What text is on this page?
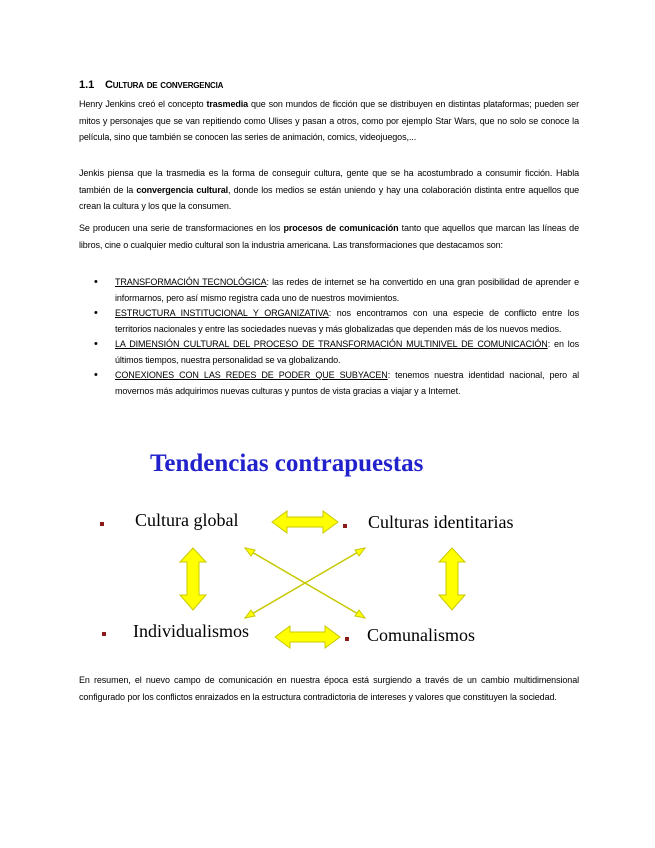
1.1 Cultura de convergencia

Henry Jenkins creó el concepto trasmedia que son mundos de ficción que se distribuyen en distintas plataformas; pueden ser mitos y personajes que se van repitiendo como Ulises y pasan a otros, como por ejemplo Star Wars, que no solo se conoce la película, sino que también se conocen las series de animación, comics, videojuegos,...

Jenkis piensa que la trasmedia es la forma de conseguir cultura, gente que se ha acostumbrado a consumir ficción. Habla también de la convergencia cultural, donde los medios se están uniendo y hay una colaboración distinta entre aquellos que crean la cultura y los que la consumen.

Se producen una serie de transformaciones en los procesos de comunicación tanto que aquellos que marcan las líneas de libros, cine o cualquier medio cultural son la industria americana. Las transformaciones que destacamos son:

• TRANSFORMACIÓN TECNOLÓGICA: las redes de internet se ha convertido en una gran posibilidad de aprender e informarnos, pero así mismo registra cada uno de nuestros movimientos.
• ESTRUCTURA INSTITUCIONAL Y ORGANIZATIVA: nos encontramos con una especie de conflicto entre los territorios nacionales y entre las sociedades nuevas y más globalizadas que dependen más de los nuevos medios.
• LA DIMENSIÓN CULTURAL DEL PROCESO DE TRANSFORMACIÓN MULTINIVEL DE COMUNICACIÓN: en los últimos tiempos, nuestra personalidad se va globalizando.
• CONEXIONES CON LAS REDES DE PODER QUE SUBYACEN: tenemos nuestra identidad nacional, pero al movernos más adquirimos nuevas culturas y puntos de vista gracias a viajar y a Internet.
Tendencias contrapuestas
Cultura global	Culturas identitarias
Individualismos	Comunalismos

En resumen, el nuevo campo de comunicación en nuestra época está surgiendo a través de un cambio multidimensional configurado por los conflictos enraizados en la estructura contradictoria de intereses y valores que constituyen la sociedad.
